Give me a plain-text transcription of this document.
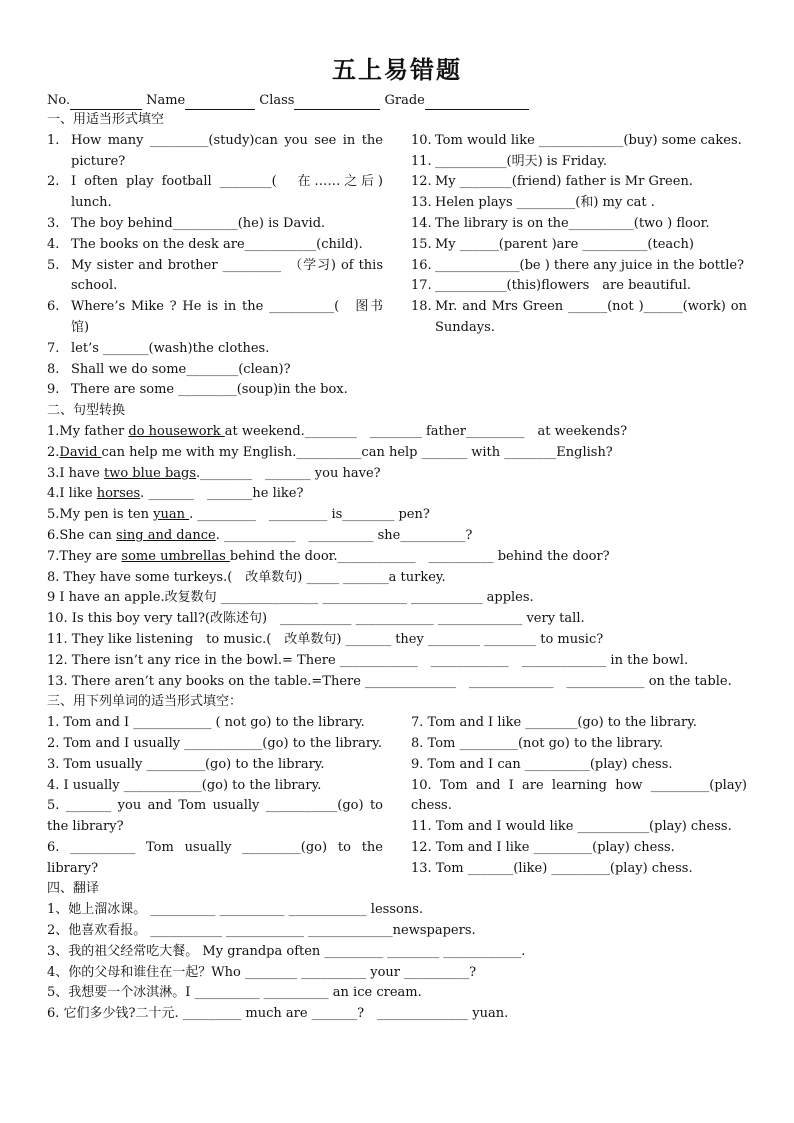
五上易错题
No.	Name	Class	Grade
一、用适当形式填空
1. How many _________(study)can you see in the picture?
2. I often play football ________(　在……之后) lunch.
3. The boy behind__________(he) is David.
4. The books on the desk are___________(child).
5. My sister and brother _________　（学习) of this school.
6. Where’s Mike ? He is in the __________(　图书馆)
7. let’s _______(wash)the clothes.
8. Shall we do some________(clean)?
9. There are some _________(soup)in the box.
10. Tom would like _____________(buy) some cakes.
11. ___________(明天) is Friday.
12. My ________(friend) father is Mr Green.
13. Helen plays _________(和) my cat .
14. The library is on the__________(two ) floor.
15. My ______(parent )are __________(teach)
16. _____________(be ) there any juice in the bottle?
17. ___________(this)flowers　are beautiful.
18. Mr. and Mrs Green ______(not )______(work) on Sundays.
二、句型转换
1.My father do housework at weekend.________　________ father_________　at weekends?
2.David can help me with my English.__________can help _______ with ________English?
3.I have two blue bags.________　_______ you have?
4.I like horses. _______　_______he like?
5.My pen is ten yuan . _________　_________ is________ pen?
6.She can sing and dance. ___________　__________ she__________?
7.They are some umbrellas behind the door.____________　__________ behind the door?
8. They have some turkeys.(　改单数句) _____ _______a turkey.
9 I have an apple.改复数句 _______________ _____________ ___________ apples.
10. Is this boy very tall?(改陈述句)　___________ ____________ _____________ very tall.
11. They like listening　to music.(　改单数句) _______ they ________ ________ to music?
12. There isn’t any rice in the bowl.= There ____________　____________　_____________ in the bowl.
13. There aren’t any books on the table.=There ______________　_____________　____________ on the table.
三、用下列单词的适当形式填空：
1. Tom and I ____________ ( not go) to the library.
2. Tom and I usually ____________(go) to the library.
3. Tom usually _________(go) to the library.
4. I usually ____________(go) to the library.
5. _______ you and Tom usually ___________(go) to the library?
6. __________ Tom usually _________(go) to the library?
7. Tom and I like ________(go) to the library.
8. Tom _________(not go) to the library.
9. Tom and I can __________(play) chess.
10. Tom and I are learning how _________(play) chess.
11. Tom and I would like ___________(play) chess.
12. Tom and I like _________(play) chess.
13. Tom _______(like) _________(play) chess.
四、翻译
1、她上溜冰课。 __________ __________ ____________ lessons.
2、他喜欢看报。 ___________ ____________ _____________newspapers.
3、我的祖父经常吃大餐。 My grandpa often _________ ________ ____________.
4、你的父母和谁住在一起？Who ________ __________ your __________?
5、我想要一个冰淇淋。I __________ __________ an ice cream.
6. 它们多少钱?二十元. _________ much are _______?　______________ yuan.
